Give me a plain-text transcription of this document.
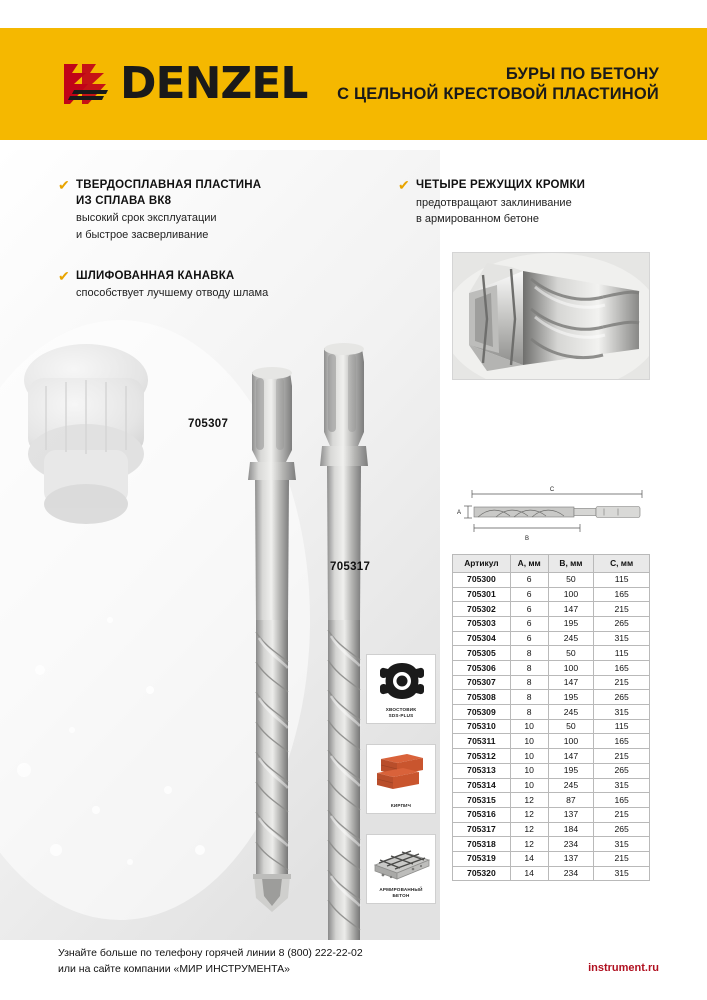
DENZEL	БУРЫ ПО БЕТОНУ
С ЦЕЛЬНОЙ КРЕСТОВОЙ ПЛАСТИНОЙ
705307
705317
✔ ТВЕРДОСПЛАВНАЯ ПЛАСТИНА
ИЗ СПЛАВА ВК8
высокий срок эксплуатации
и быстрое засверливание
✔ ШЛИФОВАННАЯ КАНАВКА
способствует лучшему отводу шлама
✔ ЧЕТЫРЕ РЕЖУЩИХ КРОМКИ
предотвращают заклинивание
в армированном бетоне
C
A
B
Артикул	A, мм	B, мм	C, мм
705300	6	50	115
705301	6	100	165
705302	6	147	215
705303	6	195	265
705304	6	245	315
705305	8	50	115
705306	8	100	165
705307	8	147	215
705308	8	195	265
705309	8	245	315
705310	10	50	115
705311	10	100	165
705312	10	147	215
705313	10	195	265
705314	10	245	315
705315	12	87	165
705316	12	137	215
705317	12	184	265
705318	12	234	315
705319	14	137	215
705320	14	234	315
ХВОСТОВИК
SDS-PLUS
КИРПИЧ
АРМИРОВАННЫЙ
БЕТОН
Узнайте больше по телефону горячей линии 8 (800) 222-22-02
или на сайте компании «МИР ИНСТРУМЕНТА»	instrument.ru
